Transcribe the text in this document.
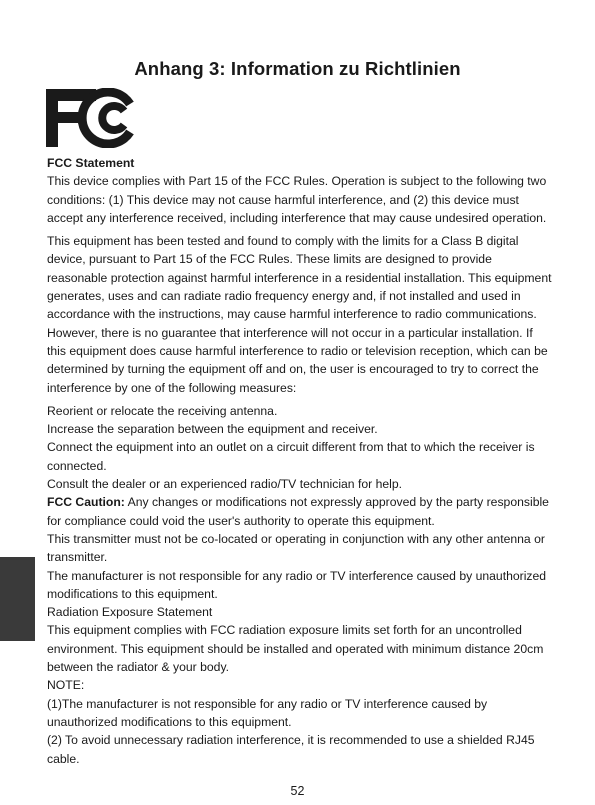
Anhang 3: Information zu Richtlinien

FCC Statement

This device complies with Part 15 of the FCC Rules. Operation is subject to the following two conditions: (1) This device may not cause harmful interference, and (2) this device must accept any interference received, including interference that may cause undesired operation.

This equipment has been tested and found to comply with the limits for a Class B digital device, pursuant to Part 15 of the FCC Rules. These limits are designed to provide reasonable protection against harmful interference in a residential installation. This equipment generates, uses and can radiate radio frequency energy and, if not installed and used in accordance with the instructions, may cause harmful interference to radio communications. However, there is no guarantee that interference will not occur in a particular installation. If this equipment does cause harmful interference to radio or television reception, which can be determined by turning the equipment off and on, the user is encouraged to try to correct the interference by one of the following measures:

Reorient or relocate the receiving antenna.

Increase the separation between the equipment and receiver.

Connect the equipment into an outlet on a circuit different from that to which the receiver is connected.

Consult the dealer or an experienced radio/TV technician for help.

FCC Caution: Any changes or modifications not expressly approved by the party responsible for compliance could void the user's authority to operate this equipment.

This transmitter must not be co-located or operating in conjunction with any other antenna or transmitter.

The manufacturer is not responsible for any radio or TV interference caused by unauthorized modifications to this equipment.

Radiation Exposure Statement

This equipment complies with FCC radiation exposure limits set forth for an uncontrolled environment. This equipment should be installed and operated with minimum distance 20cm between the radiator & your body.

NOTE:

(1)The manufacturer is not responsible for any radio or TV interference caused by unauthorized modifications to this equipment.

(2) To avoid unnecessary radiation interference, it is recommended to use a shielded RJ45 cable.

52
